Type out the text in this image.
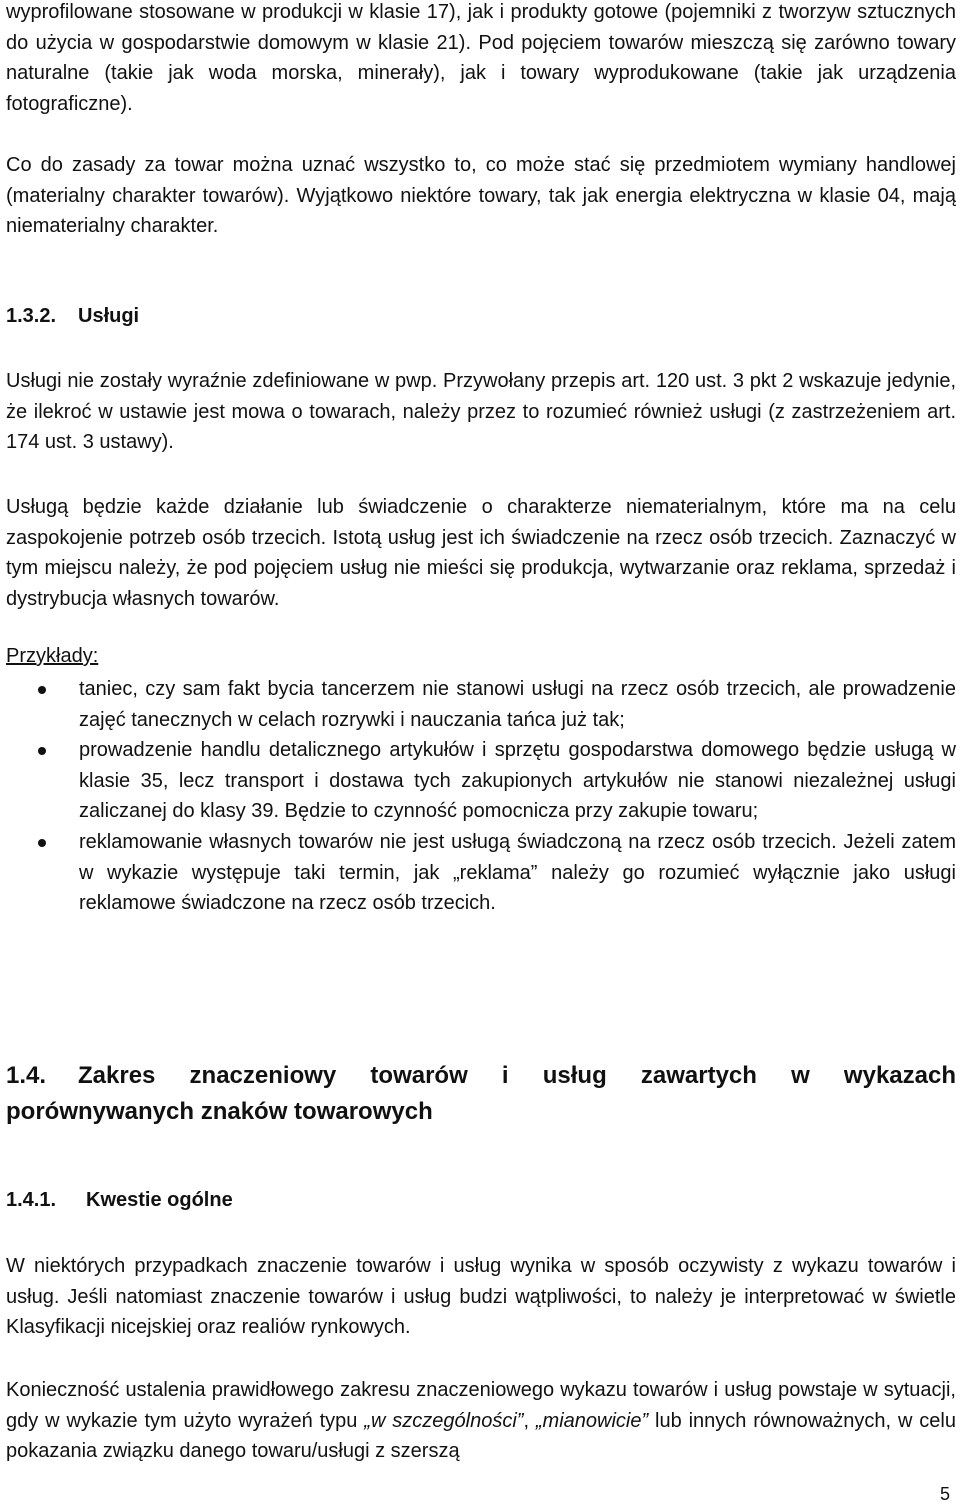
wyprofilowane stosowane w produkcji w klasie 17), jak i produkty gotowe (pojemniki z tworzyw sztucznych do użycia w gospodarstwie domowym w klasie 21). Pod pojęciem towarów mieszczą się zarówno towary naturalne (takie jak woda morska, minerały), jak i towary wyprodukowane (takie jak urządzenia fotograficzne).

Co do zasady za towar można uznać wszystko to, co może stać się przedmiotem wymiany handlowej (materialny charakter towarów). Wyjątkowo niektóre towary, tak jak energia elektryczna w klasie 04, mają niematerialny charakter.

1.3.2. Usługi

Usługi nie zostały wyraźnie zdefiniowane w pwp. Przywołany przepis art. 120 ust. 3 pkt 2 wskazuje jedynie, że ilekroć w ustawie jest mowa o towarach, należy przez to rozumieć również usługi (z zastrzeżeniem art. 174 ust. 3 ustawy).

Usługą będzie każde działanie lub świadczenie o charakterze niematerialnym, które ma na celu zaspokojenie potrzeb osób trzecich. Istotą usług jest ich świadczenie na rzecz osób trzecich. Zaznaczyć w tym miejscu należy, że pod pojęciem usług nie mieści się produkcja, wytwarzanie oraz reklama, sprzedaż i dystrybucja własnych towarów.

Przykłady:
taniec, czy sam fakt bycia tancerzem nie stanowi usługi na rzecz osób trzecich, ale prowadzenie zajęć tanecznych w celach rozrywki i nauczania tańca już tak;
prowadzenie handlu detalicznego artykułów i sprzętu gospodarstwa domowego będzie usługą w klasie 35, lecz transport i dostawa tych zakupionych artykułów nie stanowi niezależnej usługi zaliczanej do klasy 39. Będzie to czynność pomocnicza przy zakupie towaru;
reklamowanie własnych towarów nie jest usługą świadczoną na rzecz osób trzecich. Jeżeli zatem w wykazie występuje taki termin, jak „reklama” należy go rozumieć wyłącznie jako usługi reklamowe świadczone na rzecz osób trzecich.
1.4. Zakres znaczeniowy towarów i usług zawartych w wykazach porównywanych znaków towarowych
1.4.1. Kwestie ogólne

W niektórych przypadkach znaczenie towarów i usług wynika w sposób oczywisty z wykazu towarów i usług. Jeśli natomiast znaczenie towarów i usług budzi wątpliwości, to należy je interpretować w świetle Klasyfikacji nicejskiej oraz realiów rynkowych.

Konieczność ustalenia prawidłowego zakresu znaczeniowego wykazu towarów i usług powstaje w sytuacji, gdy w wykazie tym użyto wyrażeń typu „w szczególności”, „mianowicie” lub innych równoważnych, w celu pokazania związku danego towaru/usługi z szerszą

5
